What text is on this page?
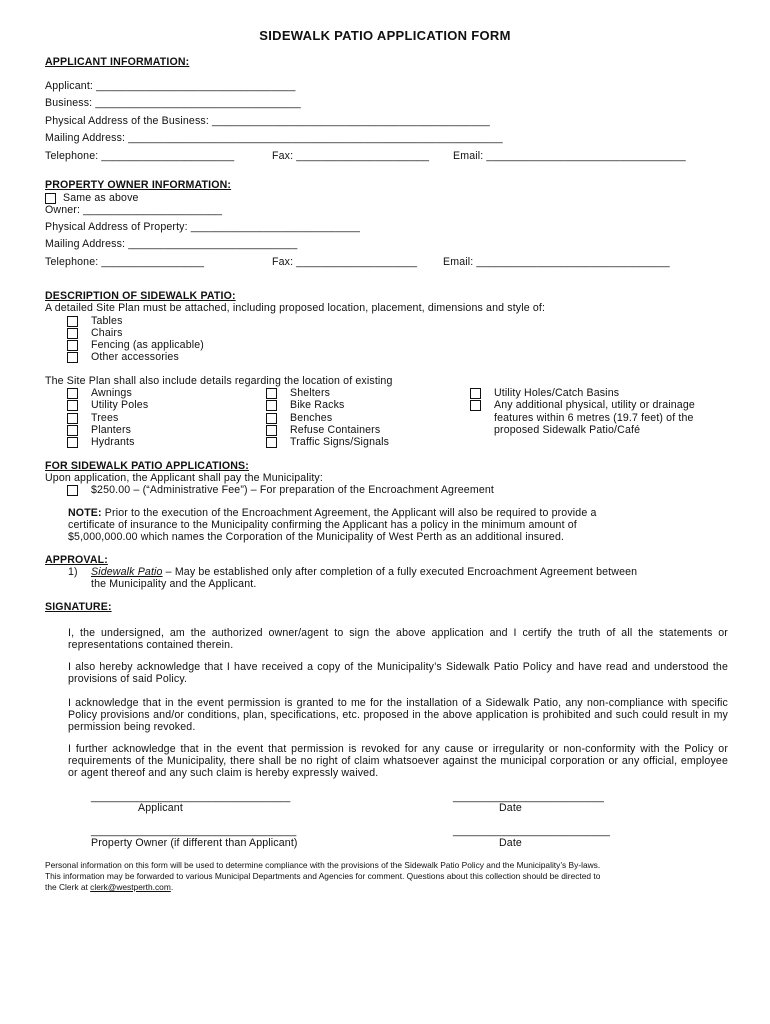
SIDEWALK PATIO APPLICATION FORM
APPLICANT INFORMATION:
Applicant: _________________________________
Business: __________________________________
Physical Address of the Business: ______________________________________________
Mailing Address: ______________________________________________________________
Telephone: ______________________	Fax: ______________________ Email: _________________________________
PROPERTY OWNER INFORMATION:
Same as above
Owner: _______________________
Physical Address of Property: ____________________________
Mailing Address: ____________________________
Telephone: _________________	Fax: ____________________ Email: ________________________________
DESCRIPTION OF SIDEWALK PATIO:
A detailed Site Plan must be attached, including proposed location, placement, dimensions and style of:
Tables
Chairs
Fencing (as applicable)
Other accessories
The Site Plan shall also include details regarding the location of existing
Awnings
Utility Poles
Trees
Planters
Hydrants
Shelters
Bike Racks
Benches
Refuse Containers
Traffic Signs/Signals
Utility Holes/Catch Basins
Any additional physical, utility or drainage
features within 6 metres (19.7 feet) of the
proposed Sidewalk Patio/Café
FOR SIDEWALK PATIO APPLICATIONS:
Upon application, the Applicant shall pay the Municipality:
$250.00 – (“Administrative Fee”) – For preparation of the Encroachment Agreement
NOTE: Prior to the execution of the Encroachment Agreement, the Applicant will also be required to provide a
certificate of insurance to the Municipality confirming the Applicant has a policy in the minimum amount of
$5,000,000.00 which names the Corporation of the Municipality of West Perth as an additional insured.
APPROVAL:
1) Sidewalk Patio – May be established only after completion of a fully executed Encroachment Agreement between
the Municipality and the Applicant.
SIGNATURE:
I, the undersigned, am the authorized owner/agent to sign the above application and I certify the truth of all the statements or representations contained therein.
I also hereby acknowledge that I have received a copy of the Municipality’s Sidewalk Patio Policy and have read and understood the provisions of said Policy.
I acknowledge that in the event permission is granted to me for the installation of a Sidewalk Patio, any non-compliance with specific Policy provisions and/or conditions, plan, specifications, etc. proposed in the above application is prohibited and such could result in my permission being revoked.
I further acknowledge that in the event that permission is revoked for any cause or irregularity or non-conformity with the Policy or requirements of the Municipality, there shall be no right of claim whatsoever against the municipal corporation or any official, employee or agent thereof and any such claim is hereby expressly waived.
_________________________________
Applicant
_________________________
Date
__________________________________
Property Owner (if different than Applicant)
__________________________
Date
Personal information on this form will be used to determine compliance with the provisions of the Sidewalk Patio Policy and the Municipality’s By-laws.
This information may be forwarded to various Municipal Departments and Agencies for comment. Questions about this collection should be directed to
the Clerk at clerk@westperth.com.
